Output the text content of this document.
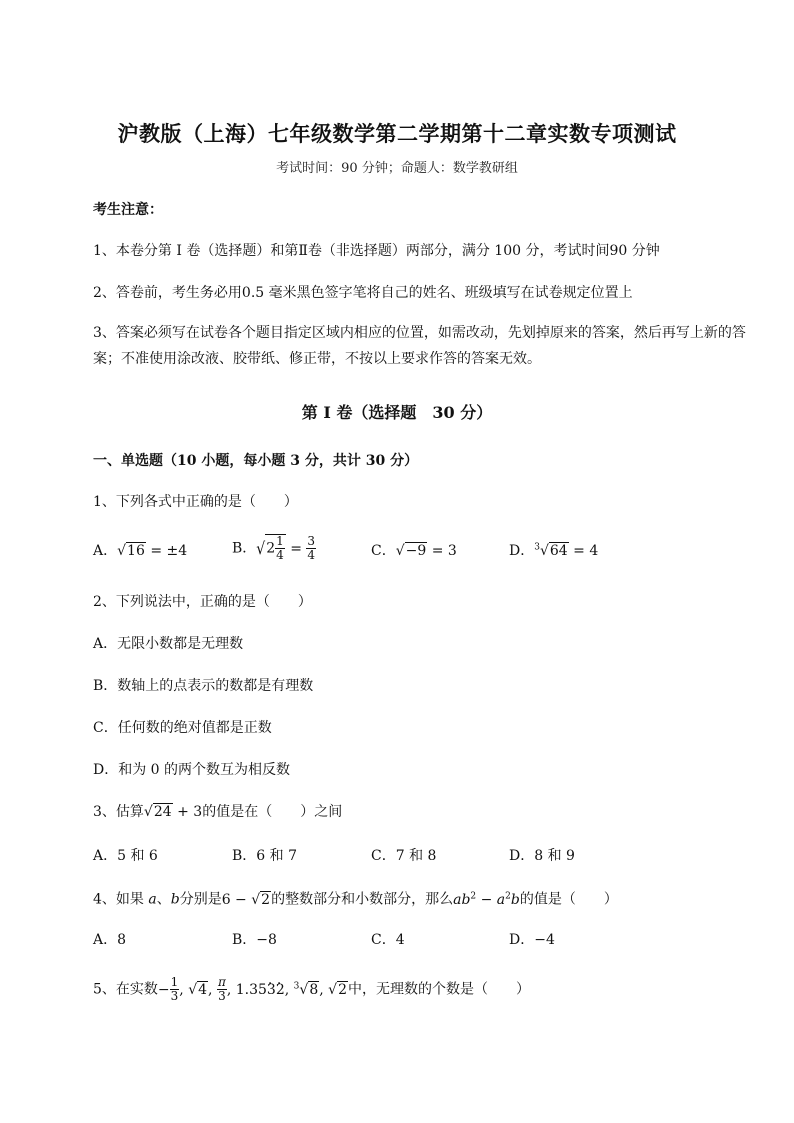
沪教版（上海）七年级数学第二学期第十二章实数专项测试
考试时间：90 分钟；命题人：数学教研组
考生注意：
1、本卷分第 I 卷（选择题）和第Ⅱ卷（非选择题）两部分，满分 100 分，考试时间90 分钟
2、答卷前，考生务必用0.5 毫米黑色签字笔将自己的姓名、班级填写在试卷规定位置上
3、答案必须写在试卷各个题目指定区域内相应的位置，如需改动，先划掉原来的答案，然后再写上新的答案；不准使用涂改液、胶带纸、修正带，不按以上要求作答的答案无效。
第 I 卷（选择题　30 分）
一、单选题（10 小题，每小题 3 分，共计 30 分）
1、下列各式中正确的是（　　）
A．√16 = ±4	B．$√2 \frac{1}{4} = \frac{3}{4}$	C．√−9 = 3	D．$^3$√64 = 4
2、下列说法中，正确的是（　　）
A．无限小数都是无理数
B．数轴上的点表示的数都是有理数
C．任何数的绝对值都是正数
D．和为 0 的两个数互为相反数
3、估算√24 + 3的值是在（　　）之间
A．5 和 6	B．6 和 7	C．7 和 8	D．8 和 9
4、如果 a、b分别是6 − √2的整数部分和小数部分，那么$ab^2 - a^2b$的值是（　　）
A．8	B．−8	C．4	D．−4
5、在实数− $\frac{1}{3}$ , √4, $\frac{\pi}{3}$ , 1.35· 3· 2, $^3$√8, √2中，无理数的个数是（　　）
